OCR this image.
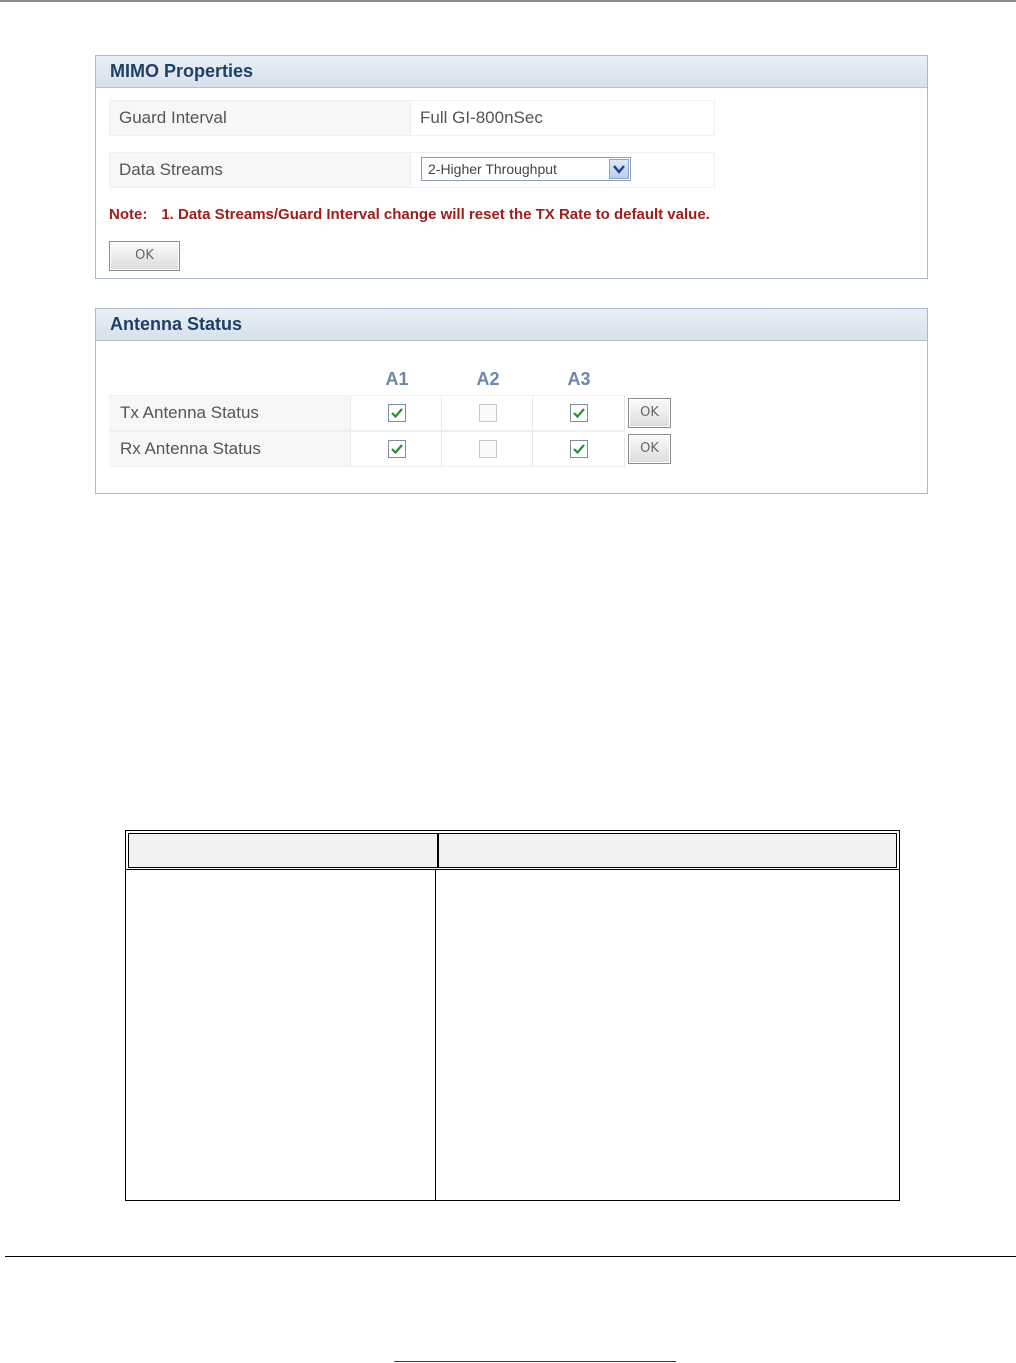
MIMO Properties
Guard Interval	Full GI-800nSec
Data Streams	2-Higher Throughput
Note: 1. Data Streams/Guard Interval change will reset the TX Rate to default value.
OK
Antenna Status
A1	A2	A3
Tx Antenna Status	OK
Rx Antenna Status	OK
